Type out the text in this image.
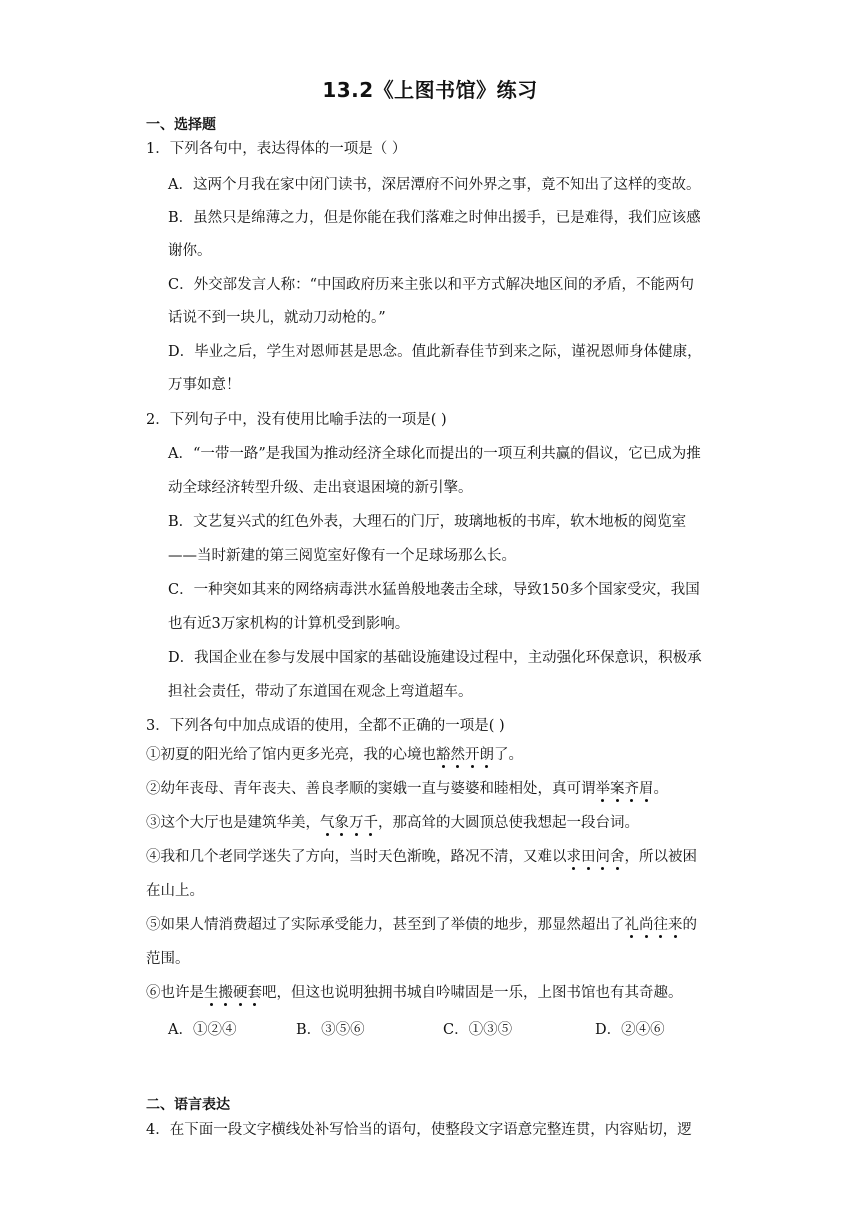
13.2《上图书馆》练习
一、选择题
1．下列各句中，表达得体的一项是（ ）
A．这两个月我在家中闭门读书，深居潭府不问外界之事，竟不知出了这样的变故。
B．虽然只是绵薄之力，但是你能在我们落难之时伸出援手，已是难得，我们应该感
谢你。
C．外交部发言人称：“中国政府历来主张以和平方式解决地区间的矛盾，不能两句
话说不到一块儿，就动刀动枪的。”
D．毕业之后，学生对恩师甚是思念。值此新春佳节到来之际，谨祝恩师身体健康，
万事如意！
2．下列句子中，没有使用比喻手法的一项是( )
A．“一带一路”是我国为推动经济全球化而提出的一项互利共赢的倡议，它已成为推
动全球经济转型升级、走出衰退困境的新引擎。
B．文艺复兴式的红色外表，大理石的门厅，玻璃地板的书库，软木地板的阅览室
——当时新建的第三阅览室好像有一个足球场那么长。
C．一种突如其来的网络病毒洪水猛兽般地袭击全球，导致150多个国家受灾，我国
也有近3万家机构的计算机受到影响。
D．我国企业在参与发展中国家的基础设施建设过程中，主动强化环保意识，积极承
担社会责任，带动了东道国在观念上弯道超车。
3．下列各句中加点成语的使用，全都不正确的一项是( )
①初夏的阳光给了馆内更多光亮，我的心境也豁然开朗了。
②幼年丧母、青年丧夫、善良孝顺的窦娥一直与婆婆和睦相处，真可谓举案齐眉。
③这个大厅也是建筑华美，气象万千，那高耸的大圆顶总使我想起一段台词。
④我和几个老同学迷失了方向，当时天色渐晚，路况不清，又难以求田问舍，所以被困
在山上。
⑤如果人情消费超过了实际承受能力，甚至到了举债的地步，那显然超出了礼尚往来的
范围。
⑥也许是生搬硬套吧，但这也说明独拥书城自吟啸固是一乐，上图书馆也有其奇趣。
A．①②④	B．③⑤⑥	C．①③⑤	D．②④⑥
二、语言表达
4．在下面一段文字横线处补写恰当的语句，使整段文字语意完整连贯，内容贴切，逻
